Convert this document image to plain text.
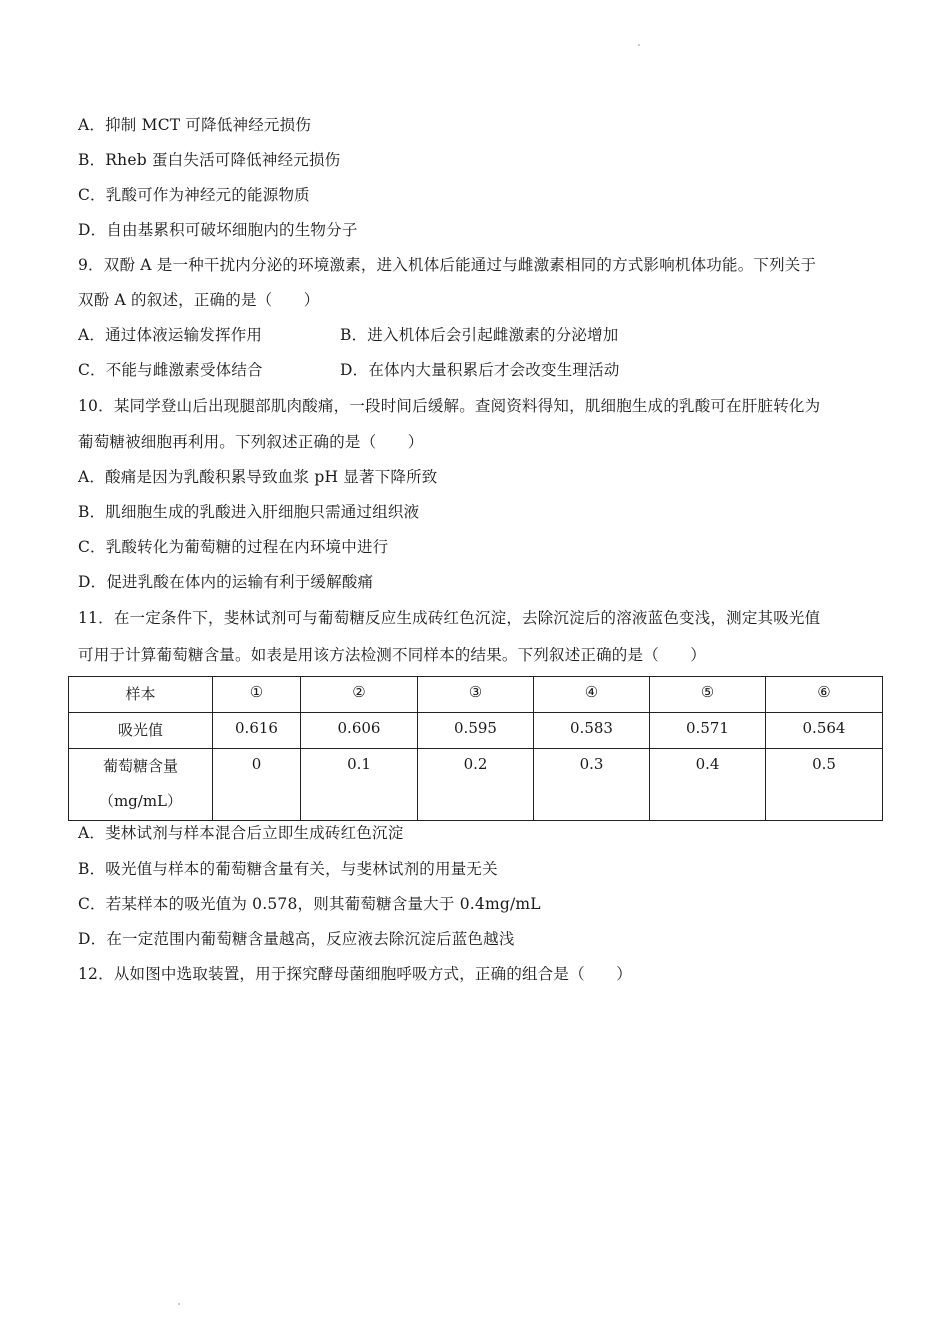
A．抑制 MCT 可降低神经元损伤
B．Rheb 蛋白失活可降低神经元损伤
C．乳酸可作为神经元的能源物质
D．自由基累积可破坏细胞内的生物分子
9．双酚 A 是一种干扰内分泌的环境激素，进入机体后能通过与雌激素相同的方式影响机体功能。下列关于
双酚 A 的叙述，正确的是（　　）
A．通过体液运输发挥作用	B．进入机体后会引起雌激素的分泌增加
C．不能与雌激素受体结合	D．在体内大量积累后才会改变生理活动
10．某同学登山后出现腿部肌肉酸痛，一段时间后缓解。查阅资料得知，肌细胞生成的乳酸可在肝脏转化为
葡萄糖被细胞再利用。下列叙述正确的是（　　）
A．酸痛是因为乳酸积累导致血浆 pH 显著下降所致
B．肌细胞生成的乳酸进入肝细胞只需通过组织液
C．乳酸转化为葡萄糖的过程在内环境中进行
D．促进乳酸在体内的运输有利于缓解酸痛
11．在一定条件下，斐林试剂可与葡萄糖反应生成砖红色沉淀，去除沉淀后的溶液蓝色变浅，测定其吸光值
可用于计算葡萄糖含量。如表是用该方法检测不同样本的结果。下列叙述正确的是（　　）
样本	①	②	③	④	⑤	⑥
吸光值	0.616	0.606	0.595	0.583	0.571	0.564
葡萄糖含量
（mg/mL）	0	0.1	0.2	0.3	0.4	0.5
A．斐林试剂与样本混合后立即生成砖红色沉淀
B．吸光值与样本的葡萄糖含量有关，与斐林试剂的用量无关
C．若某样本的吸光值为 0.578，则其葡萄糖含量大于 0.4mg/mL
D．在一定范围内葡萄糖含量越高，反应液去除沉淀后蓝色越浅
12．从如图中选取装置，用于探究酵母菌细胞呼吸方式，正确的组合是（　　）
